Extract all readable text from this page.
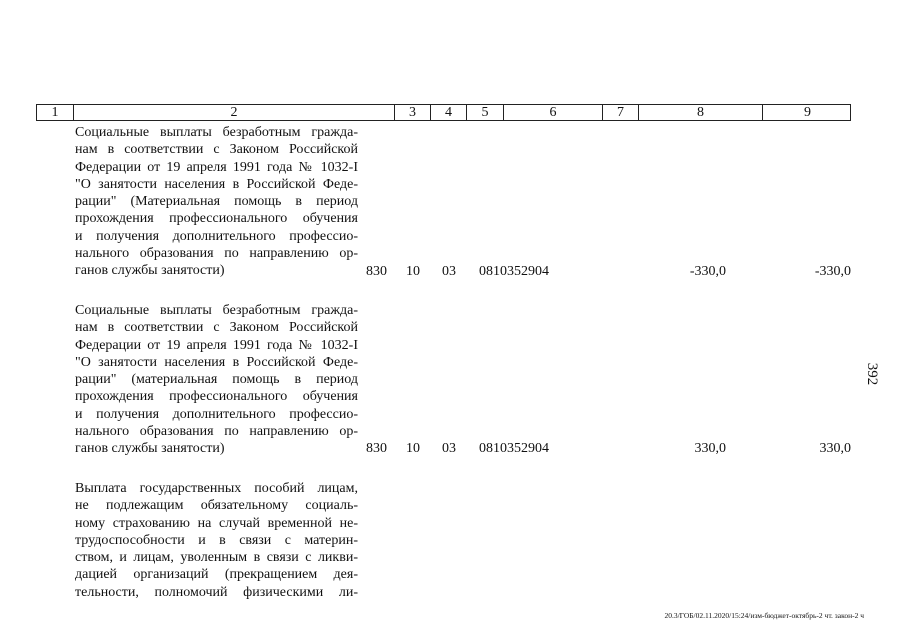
1	2	3	4	5	6	7	8	9
Социальные выплаты безработным гражда-
нам в соответствии с Законом Российской
Федерации от 19 апреля 1991 года № 1032-I
"О занятости населения в Российской Феде-
рации" (Материальная помощь в период
прохождения профессионального обучения
и получения дополнительного профессио-
нального образования по направлению ор-
ганов службы занятости)	830 10 03 0810352904	-330,0	-330,0
Социальные выплаты безработным гражда-
нам в соответствии с Законом Российской
Федерации от 19 апреля 1991 года № 1032-I
"О занятости населения в Российской Феде-
рации" (материальная помощь в период
прохождения профессионального обучения
и получения дополнительного профессио-
нального образования по направлению ор-
ганов службы занятости)	830 10 03 0810352904	330,0	330,0
Выплата государственных пособий лицам,
не подлежащим обязательному социаль-
ному страхованию на случай временной не-
трудоспособности и в связи с материн-
ством, и лицам, уволенным в связи с ликви-
дацией организаций (прекращением дея-
тельности, полномочий физическими ли-
392
20.3/ГОБ/02.11.2020/15:24/изм-бюджет-октябрь-2 чт. закон-2 ч
